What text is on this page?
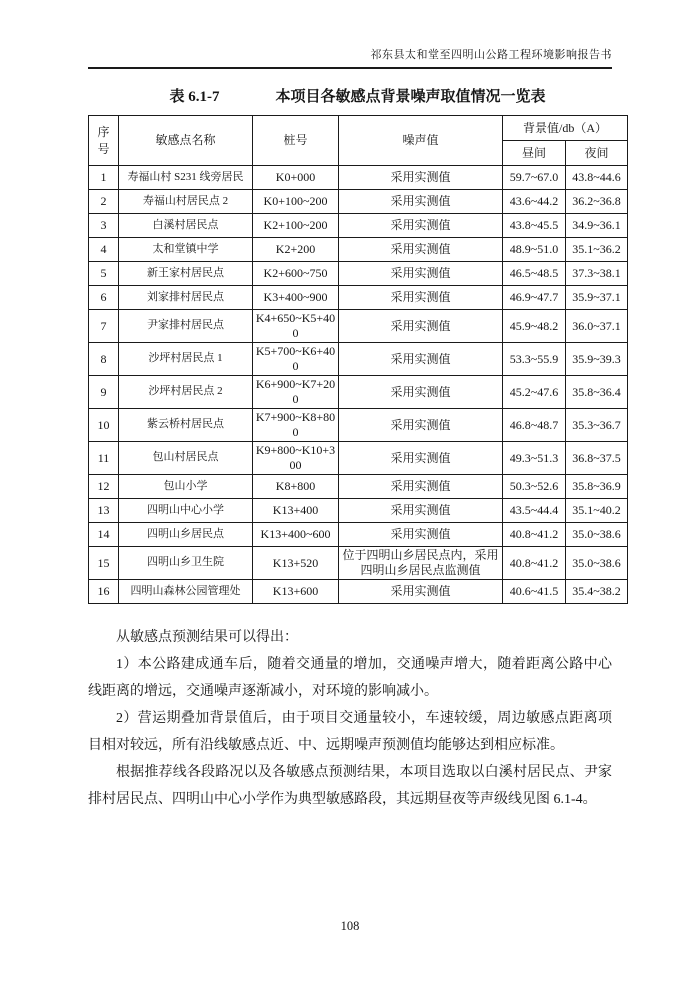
祁东县太和堂至四明山公路工程环境影响报告书
表 6.1-7	本项目各敏感点背景噪声取值情况一览表
序号	敏感点名称	桩号	噪声值	背景值/db（A）	
				昼间	夜间
1	寿福山村 S231 线旁居民	K0+000	采用实测值	59.7~67.0	43.8~44.6
2	寿福山村居民点 2	K0+100~200	采用实测值	43.6~44.2	36.2~36.8
3	白溪村居民点	K2+100~200	采用实测值	43.8~45.5	34.9~36.1
4	太和堂镇中学	K2+200	采用实测值	48.9~51.0	35.1~36.2
5	新王家村居民点	K2+600~750	采用实测值	46.5~48.5	37.3~38.1
6	刘家排村居民点	K3+400~900	采用实测值	46.9~47.7	35.9~37.1
7	尹家排村居民点	K4+650~K5+400	采用实测值	45.9~48.2	36.0~37.1
8	沙坪村居民点 1	K5+700~K6+400	采用实测值	53.3~55.9	35.9~39.3
9	沙坪村居民点 2	K6+900~K7+200	采用实测值	45.2~47.6	35.8~36.4
10	紫云桥村居民点	K7+900~K8+800	采用实测值	46.8~48.7	35.3~36.7
11	包山村居民点	K9+800~K10+300	采用实测值	49.3~51.3	36.8~37.5
12	包山小学	K8+800	采用实测值	50.3~52.6	35.8~36.9
13	四明山中心小学	K13+400	采用实测值	43.5~44.4	35.1~40.2
14	四明山乡居民点	K13+400~600	采用实测值	40.8~41.2	35.0~38.6
15	四明山乡卫生院	K13+520	位于四明山乡居民点内，采用四明山乡居民点监测值	40.8~41.2	35.0~38.6
16	四明山森林公园管理处	K13+600	采用实测值	40.6~41.5	35.4~38.2

从敏感点预测结果可以得出：

1）本公路建成通车后，随着交通量的增加，交通噪声增大，随着距离公路中心线距离的增远，交通噪声逐渐减小，对环境的影响减小。

2）营运期叠加背景值后，由于项目交通量较小，车速较缓，周边敏感点距离项目相对较远，所有沿线敏感点近、中、远期噪声预测值均能够达到相应标准。

根据推荐线各段路况以及各敏感点预测结果，本项目选取以白溪村居民点、尹家排村居民点、四明山中心小学作为典型敏感路段，其远期昼夜等声级线见图 6.1-4。

108
